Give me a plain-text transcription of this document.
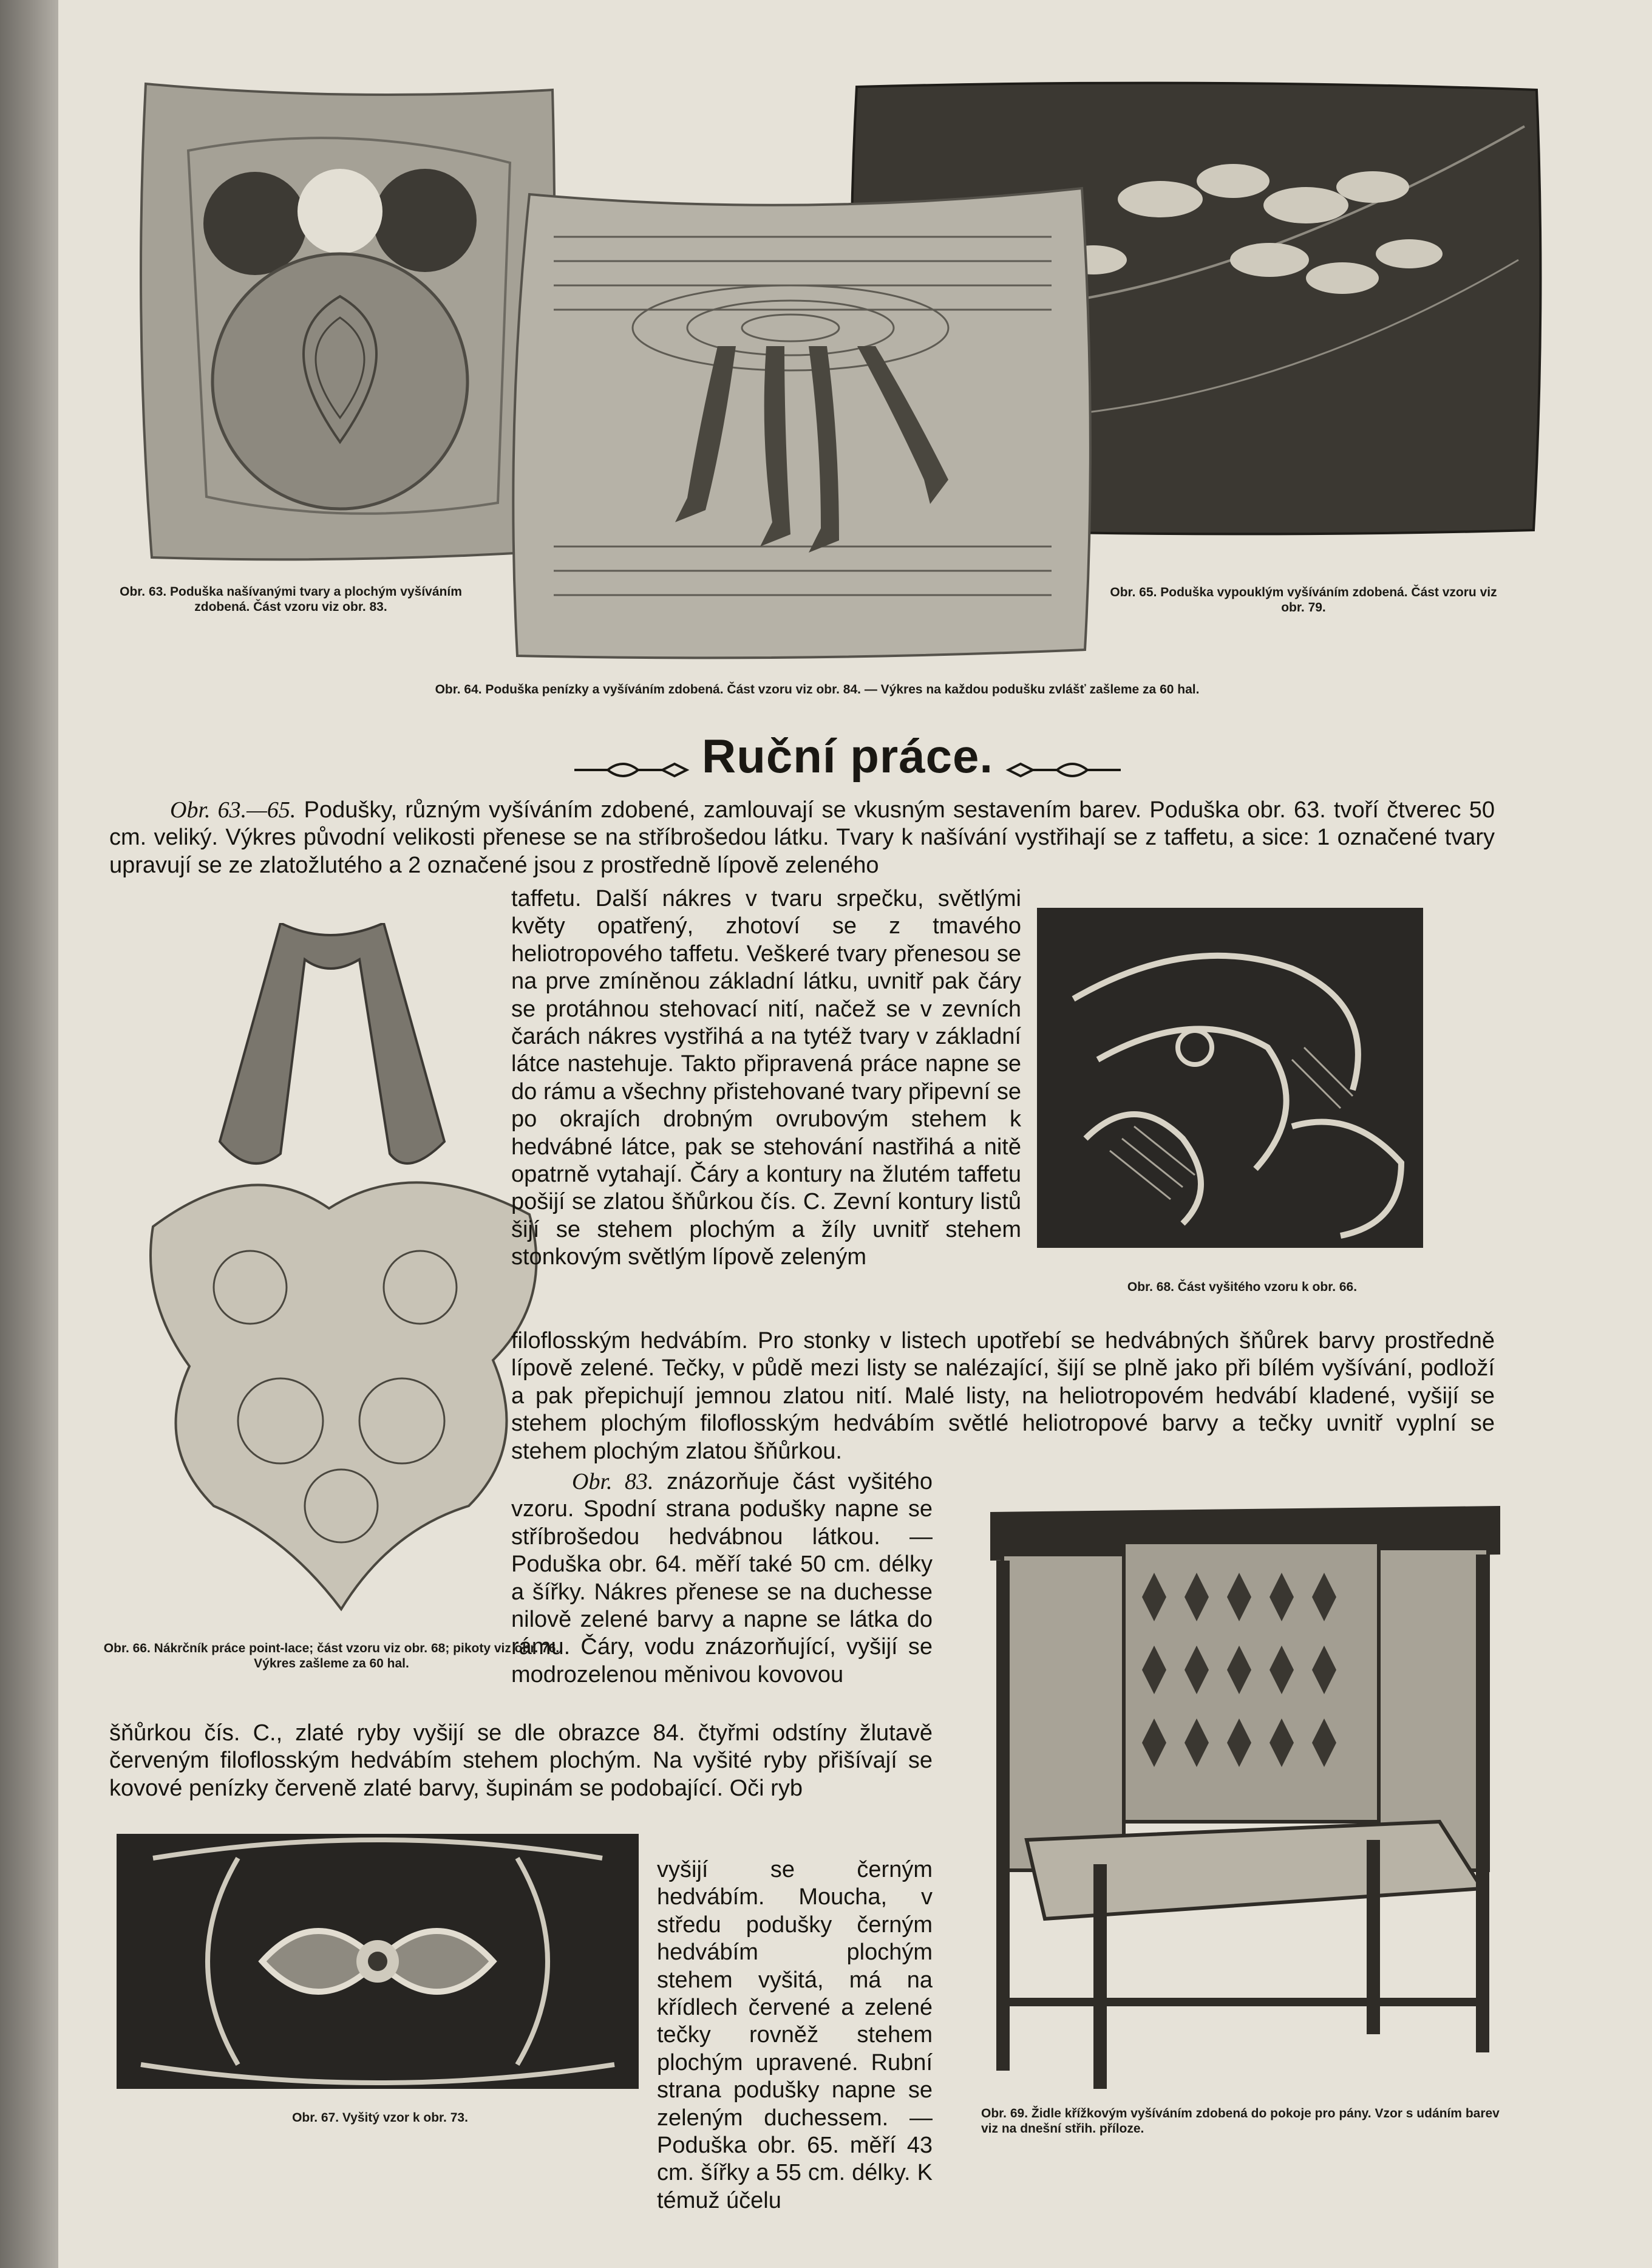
Obr. 63. Poduška našívanými tvary a plochým vyšíváním zdobená. Část vzoru viz obr. 83.
Obr. 65. Poduška vypouklým vyšíváním zdobená. Část vzoru viz obr. 79.
Obr. 64. Poduška penízky a vyšíváním zdobená. Část vzoru viz obr. 84. — Výkres na každou podušku zvlášť zašleme za 60 hal.
Ruční práce.

Obr. 63.—65. Podušky, různým vyšíváním zdobené, zamlouvají se vkusným sestavením barev. Poduška obr. 63. tvoří čtverec 50 cm. veliký. Výkres původní velikosti přenese se na stříbrošedou látku. Tvary k našívání vystřihají se z taffetu, a sice: 1 označené tvary upravují se ze zlatožlutého a 2 označené jsou z prostředně lípově zeleného

Obr. 66. Nákrčník práce point-lace; část vzoru viz obr. 68; pikoty viz obr. 76. Výkres zašleme za 60 hal.
Obr. 68. Část vyšitého vzoru k obr. 66.

taffetu. Další nákres v tvaru srpečku, světlými květy opatřený, zhotoví se z tmavého heliotropového taffetu. Veškeré tvary přenesou se na prve zmíněnou základní látku, uvnitř pak čáry se protáhnou stehovací nití, načež se v zevních čarách nákres vystřihá a na tytéž tvary v základní látce nastehuje. Takto připravená práce napne se do rámu a všechny přistehované tvary připevní se po okrajích drobným ovrubovým stehem k hedvábné látce, pak se stehování nastřihá a nitě opatrně vytahají. Čáry a kontury na žlutém taffetu pošijí se zlatou šňůrkou čís. C. Zevní kontury listů šijí se stehem plochým a žíly uvnitř stehem stonkovým světlým lípově zeleným

filoflosským hedvábím. Pro stonky v listech upotřebí se hedvábných šňůrek barvy prostředně lípově zelené. Tečky, v půdě mezi listy se nalézající, šijí se plně jako při bílém vyšívání, podloží a pak přepichují jemnou zlatou nití. Malé listy, na heliotropovém hedvábí kladené, vyšijí se stehem plochým filoflosským hedvábím světlé heliotropové barvy a tečky uvnitř vyplní se stehem plochým zlatou šňůrkou.

Obr. 69. Židle křížkovým vyšíváním zdobená do pokoje pro pány. Vzor s udáním barev viz na dnešní střih. příloze.

Obr. 83. znázorňuje část vyšitého vzoru. Spodní strana podušky napne se stříbrošedou hedvábnou látkou. — Poduška obr. 64. měří také 50 cm. délky a šířky. Nákres přenese se na duchesse nilově zelené barvy a napne se látka do rámu. Čáry, vodu znázorňující, vyšijí se modrozelenou měnivou kovovou

šňůrkou čís. C., zlaté ryby vyšijí se dle obrazce 84. čtyřmi odstíny žlutavě červeným filoflosským hedvábím stehem plochým. Na vyšité ryby přišívají se kovové penízky červeně zlaté barvy, šupinám se podobající. Oči ryb

Obr. 67. Vyšitý vzor k obr. 73.

vyšijí se černým hedvábím. Moucha, v středu podušky černým hedvábím plochým stehem vyšitá, má na křídlech červené a zelené tečky rovněž stehem plochým upravené. Rubní strana podušky napne se zeleným duchessem. — Poduška obr. 65. měří 43 cm. šířky a 55 cm. délky. K témuž účelu
